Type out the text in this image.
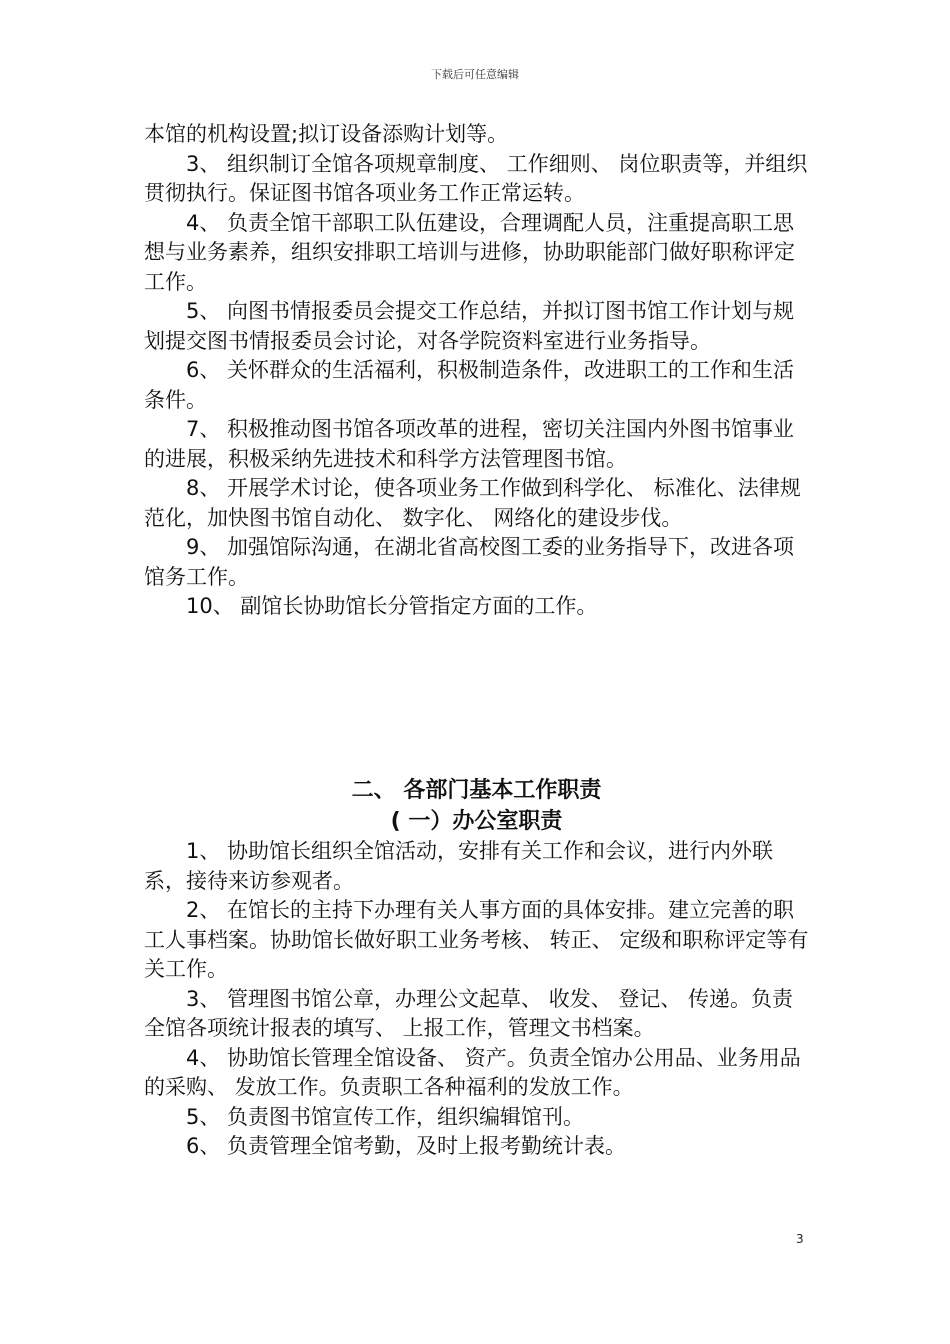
下载后可任意编辑

本馆的机构设置;拟订设备添购计划等。

3、 组织制订全馆各项规章制度、 工作细则、 岗位职责等，并组织贯彻执行。保证图书馆各项业务工作正常运转。

4、 负责全馆干部职工队伍建设，合理调配人员，注重提高职工思想与业务素养，组织安排职工培训与进修，协助职能部门做好职称评定工作。

5、 向图书情报委员会提交工作总结，并拟订图书馆工作计划与规划提交图书情报委员会讨论，对各学院资料室进行业务指导。

6、 关怀群众的生活福利，积极制造条件，改进职工的工作和生活条件。

7、 积极推动图书馆各项改革的进程，密切关注国内外图书馆事业的进展，积极采纳先进技术和科学方法管理图书馆。

8、 开展学术讨论，使各项业务工作做到科学化、 标准化、法律规范化，加快图书馆自动化、 数字化、 网络化的建设步伐。

9、 加强馆际沟通，在湖北省高校图工委的业务指导下，改进各项馆务工作。

10、 副馆长协助馆长分管指定方面的工作。

二、 各部门基本工作职责
( 一）办公室职责

1、 协助馆长组织全馆活动，安排有关工作和会议，进行内外联系，接待来访参观者。

2、 在馆长的主持下办理有关人事方面的具体安排。建立完善的职工人事档案。协助馆长做好职工业务考核、 转正、 定级和职称评定等有关工作。

3、 管理图书馆公章，办理公文起草、 收发、 登记、 传递。负责全馆各项统计报表的填写、 上报工作，管理文书档案。

4、 协助馆长管理全馆设备、 资产。负责全馆办公用品、业务用品的采购、 发放工作。负责职工各种福利的发放工作。

5、 负责图书馆宣传工作，组织编辑馆刊。

6、 负责管理全馆考勤，及时上报考勤统计表。

3
